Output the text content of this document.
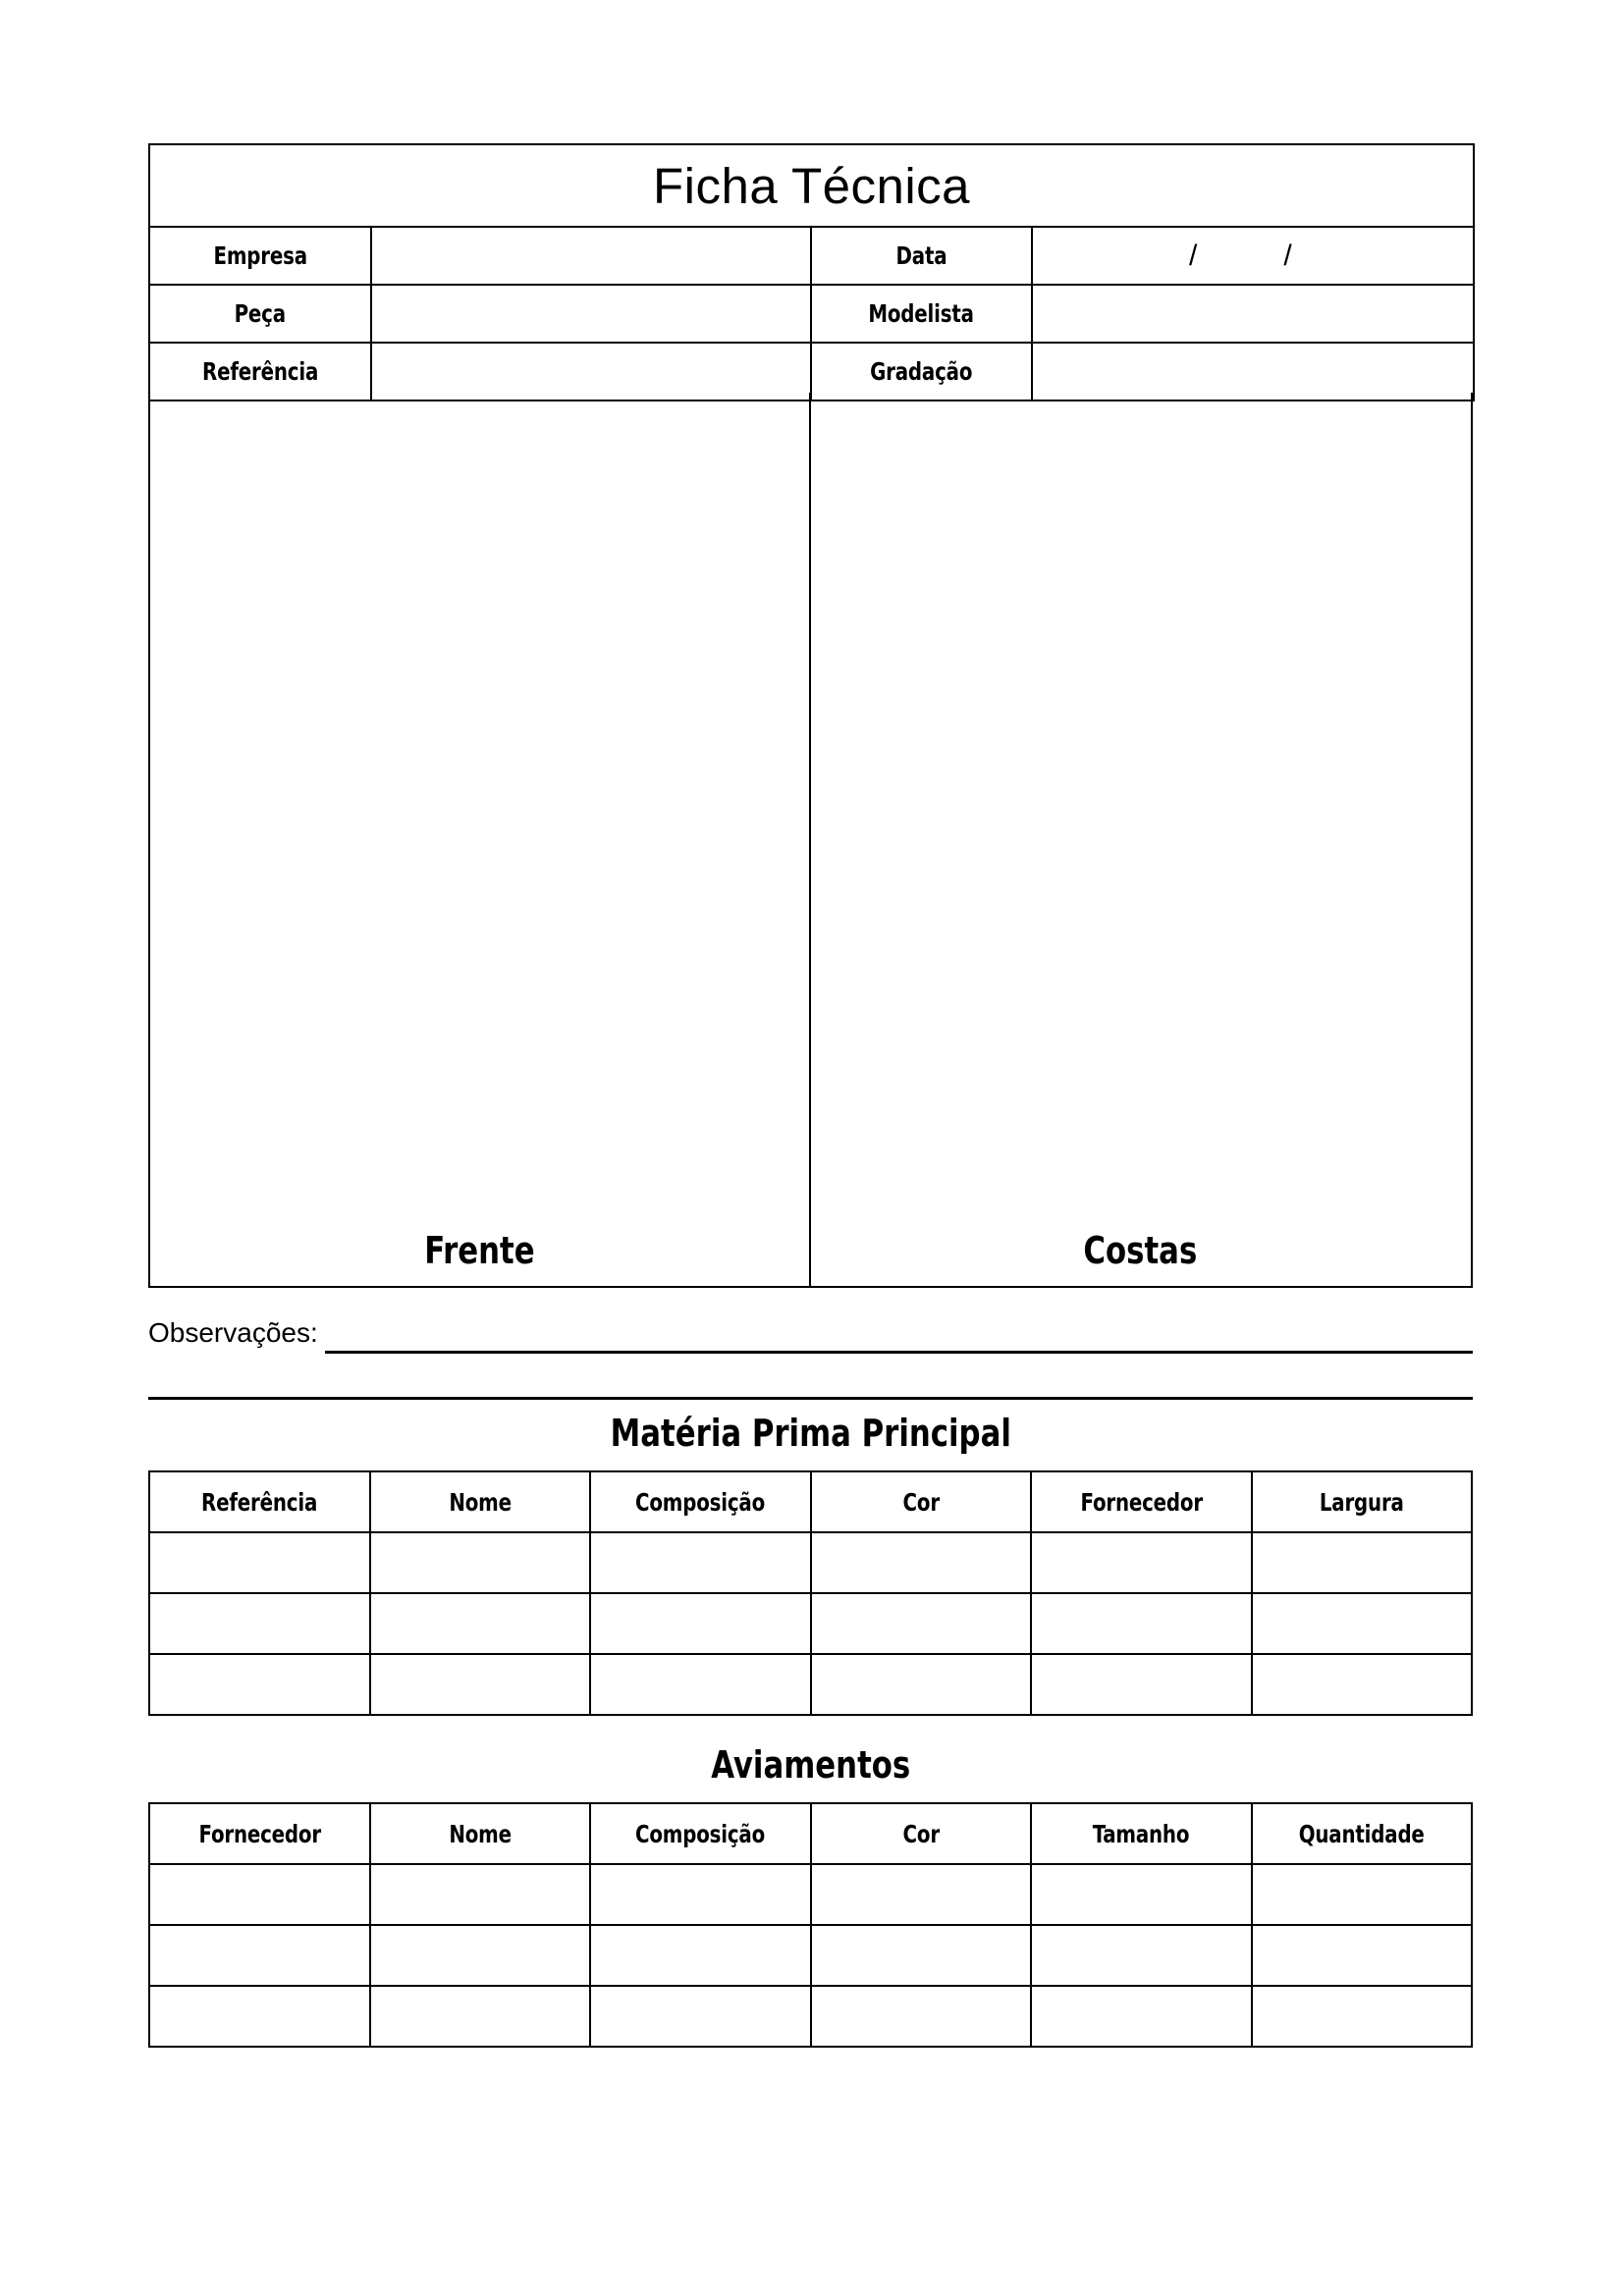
Ficha Técnica			
Empresa		Data	/ /
Peça		Modelista	
Referência		Gradação	
Frente	Costas
Observações:
Matéria Prima Principal
Referência	Nome	Composição	Cor	Fornecedor	Largura

Aviamentos
Fornecedor	Nome	Composição	Cor	Tamanho	Quantidade
